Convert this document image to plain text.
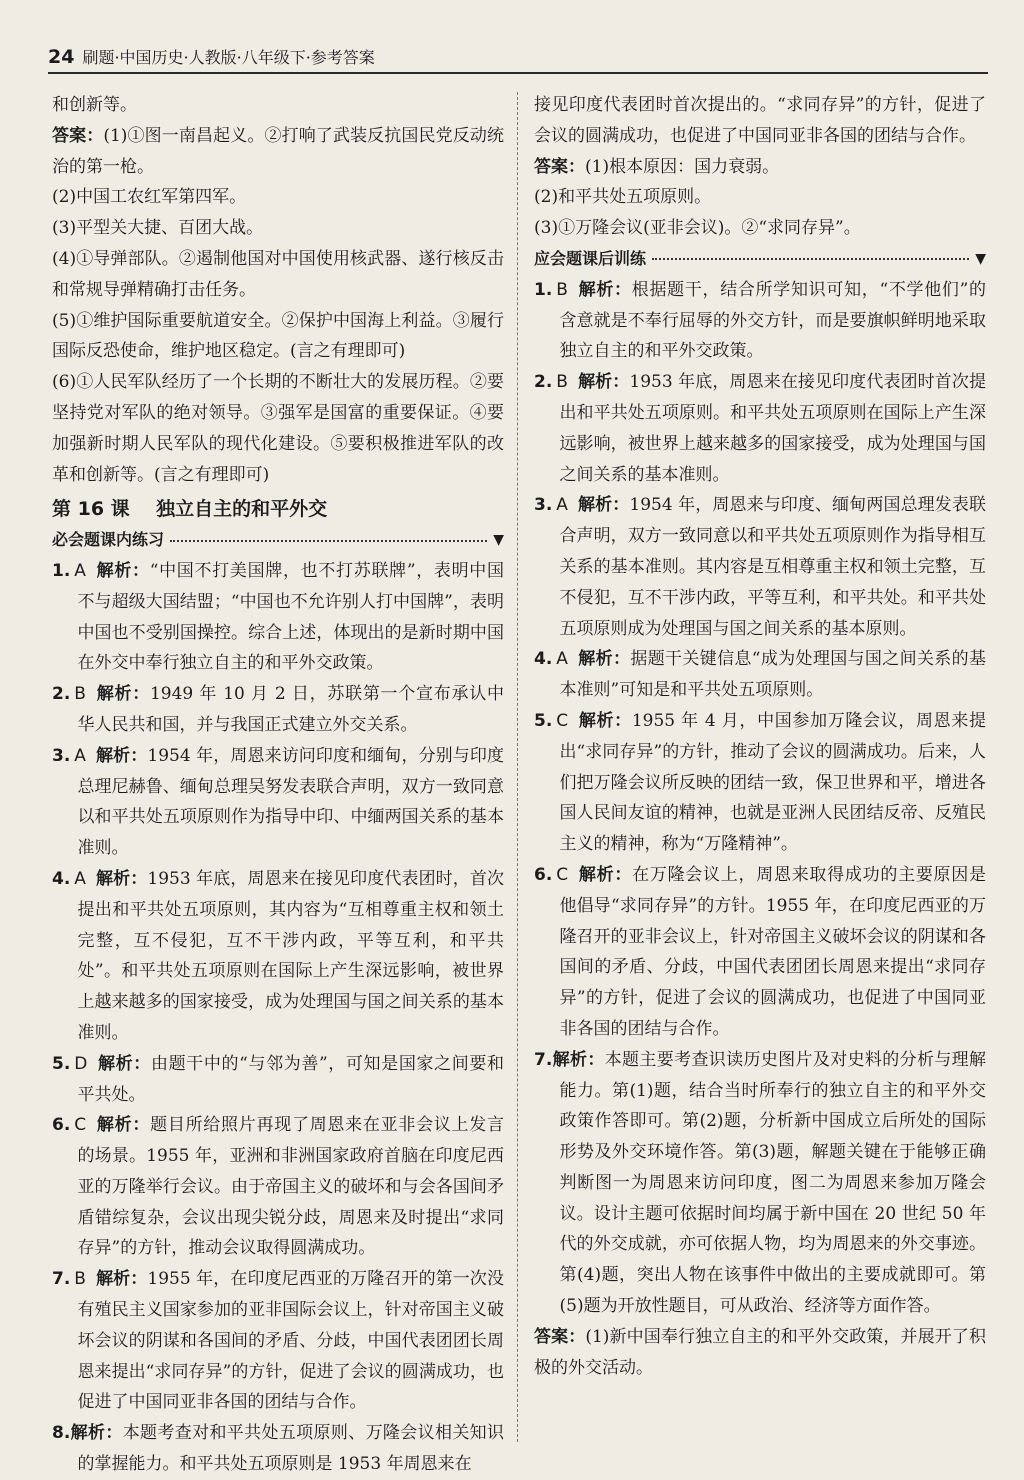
24 刷题·中国历史·人教版·八年级下·参考答案

和创新等。

答案：(1)①图一南昌起义。②打响了武装反抗国民党反动统治的第一枪。

(2)中国工农红军第四军。

(3)平型关大捷、百团大战。

(4)①导弹部队。②遏制他国对中国使用核武器、遂行核反击和常规导弹精确打击任务。

(5)①维护国际重要航道安全。②保护中国海上利益。③履行国际反恐使命，维护地区稳定。(言之有理即可)

(6)①人民军队经历了一个长期的不断壮大的发展历程。②要坚持党对军队的绝对领导。③强军是国富的重要保证。④要加强新时期人民军队的现代化建设。⑤要积极推进军队的改革和创新等。(言之有理即可)

第 16 课    独立自主的和平外交
必会题课内练习	▼

1. A 解析：“中国不打美国牌，也不打苏联牌”，表明中国不与超级大国结盟；“中国也不允许别人打中国牌”，表明中国也不受别国操控。综合上述，体现出的是新时期中国在外交中奉行独立自主的和平外交政策。

2. B 解析：1949 年 10 月 2 日，苏联第一个宣布承认中华人民共和国，并与我国正式建立外交关系。

3. A 解析：1954 年，周恩来访问印度和缅甸，分别与印度总理尼赫鲁、缅甸总理吴努发表联合声明，双方一致同意以和平共处五项原则作为指导中印、中缅两国关系的基本准则。

4. A 解析：1953 年底，周恩来在接见印度代表团时，首次提出和平共处五项原则，其内容为“互相尊重主权和领土完整，互不侵犯，互不干涉内政，平等互利，和平共处”。和平共处五项原则在国际上产生深远影响，被世界上越来越多的国家接受，成为处理国与国之间关系的基本准则。

5. D 解析：由题干中的“与邻为善”，可知是国家之间要和平共处。

6. C 解析：题目所给照片再现了周恩来在亚非会议上发言的场景。1955 年，亚洲和非洲国家政府首脑在印度尼西亚的万隆举行会议。由于帝国主义的破坏和与会各国间矛盾错综复杂，会议出现尖锐分歧，周恩来及时提出“求同存异”的方针，推动会议取得圆满成功。

7. B 解析：1955 年，在印度尼西亚的万隆召开的第一次没有殖民主义国家参加的亚非国际会议上，针对帝国主义破坏会议的阴谋和各国间的矛盾、分歧，中国代表团团长周恩来提出“求同存异”的方针，促进了会议的圆满成功，也促进了中国同亚非各国的团结与合作。

8.解析：本题考查对和平共处五项原则、万隆会议相关知识的掌握能力。和平共处五项原则是 1953 年周恩来在

接见印度代表团时首次提出的。“求同存异”的方针，促进了会议的圆满成功，也促进了中国同亚非各国的团结与合作。

答案：(1)根本原因：国力衰弱。

(2)和平共处五项原则。

(3)①万隆会议(亚非会议)。②“求同存异”。

应会题课后训练	▼

1. B 解析：根据题干，结合所学知识可知，“不学他们”的含意就是不奉行屈辱的外交方针，而是要旗帜鲜明地采取独立自主的和平外交政策。

2. B 解析：1953 年底，周恩来在接见印度代表团时首次提出和平共处五项原则。和平共处五项原则在国际上产生深远影响，被世界上越来越多的国家接受，成为处理国与国之间关系的基本准则。

3. A 解析：1954 年，周恩来与印度、缅甸两国总理发表联合声明，双方一致同意以和平共处五项原则作为指导相互关系的基本准则。其内容是互相尊重主权和领土完整，互不侵犯，互不干涉内政，平等互利，和平共处。和平共处五项原则成为处理国与国之间关系的基本原则。

4. A 解析：据题干关键信息“成为处理国与国之间关系的基本准则”可知是和平共处五项原则。

5. C 解析：1955 年 4 月，中国参加万隆会议，周恩来提出“求同存异”的方针，推动了会议的圆满成功。后来，人们把万隆会议所反映的团结一致，保卫世界和平，增进各国人民间友谊的精神，也就是亚洲人民团结反帝、反殖民主义的精神，称为“万隆精神”。

6. C 解析：在万隆会议上，周恩来取得成功的主要原因是他倡导“求同存异”的方针。1955 年，在印度尼西亚的万隆召开的亚非会议上，针对帝国主义破坏会议的阴谋和各国间的矛盾、分歧，中国代表团团长周恩来提出“求同存异”的方针，促进了会议的圆满成功，也促进了中国同亚非各国的团结与合作。

7.解析：本题主要考查识读历史图片及对史料的分析与理解能力。第(1)题，结合当时所奉行的独立自主的和平外交政策作答即可。第(2)题，分析新中国成立后所处的国际形势及外交环境作答。第(3)题，解题关键在于能够正确判断图一为周恩来访问印度，图二为周恩来参加万隆会议。设计主题可依据时间均属于新中国在 20 世纪 50 年代的外交成就，亦可依据人物，均为周恩来的外交事迹。第(4)题，突出人物在该事件中做出的主要成就即可。第(5)题为开放性题目，可从政治、经济等方面作答。

答案：(1)新中国奉行独立自主的和平外交政策，并展开了积极的外交活动。
